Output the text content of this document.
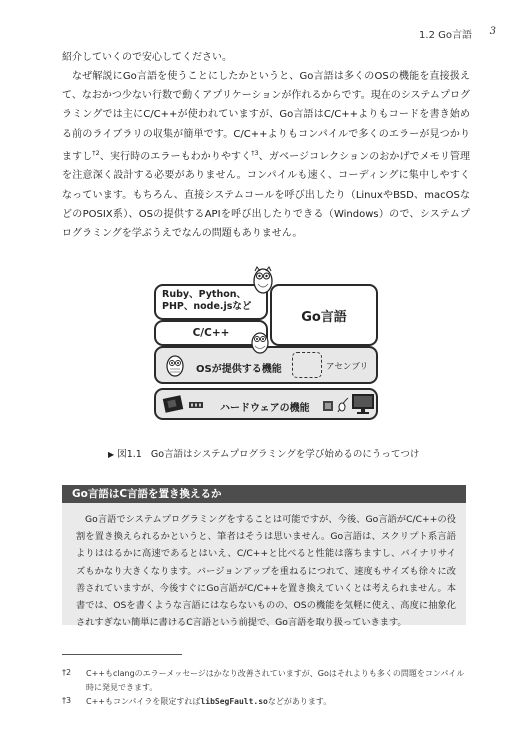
1.2 Go言語	3
紹介していくので安心してください。
なぜ解説にGo言語を使うことにしたかというと、Go言語は多くのOSの機能を直接扱えて、なおかつ少ない行数で動くアプリケーションが作れるからです。現在のシステムプログラミングでは主にC/C++が使われていますが、Go言語はC/C++よりもコードを書き始める前のライブラリの収集が簡単です。C/C++よりもコンパイルで多くのエラーが見つかりますし$^{\dagger 2}$、実行時のエラーもわかりやすく$^{\dagger 3}$、ガベージコレクションのおかげでメモリ管理を注意深く設計する必要がありません。コンパイルも速く、コーディングに集中しやすくなっています。もちろん、直接システムコールを呼び出したり（LinuxやBSD、macOSなどのPOSIX系）、OSの提供するAPIを呼び出したりできる（Windows）ので、システムプログラミングを学ぶうえでなんの問題もありません。
Ruby、Python、PHP、node.jsなど
Go言語
C/C++
OSが提供する機能	アセンブリ
ハードウェアの機能
▶ 図1.1 Go言語はシステムプログラミングを学び始めるのにうってつけ
Go言語はC言語を置き換えるか
Go言語でシステムプログラミングをすることは可能ですが、今後、Go言語がC/C++の役割を置き換えられるかというと、筆者はそうは思いません。Go言語は、スクリプト系言語よりははるかに高速であるとはいえ、C/C++と比べると性能は落ちますし、バイナリサイズもかなり大きくなります。バージョンアップを重ねるにつれて、速度もサイズも徐々に改善されていますが、今後すぐにGo言語がC/C++を置き換えていくとは考えられません。本書では、OSを書くような言語にはならないものの、OSの機能を気軽に使え、高度に抽象化されすぎない簡単に書けるC言語という前提で、Go言語を取り扱っていきます。
†2 C++もclangのエラーメッセージはかなり改善されていますが、Goはそれよりも多くの問題をコンパイル時に発見できます。
†3 C++もコンパイラを限定すればlibSegFault.soなどがあります。
